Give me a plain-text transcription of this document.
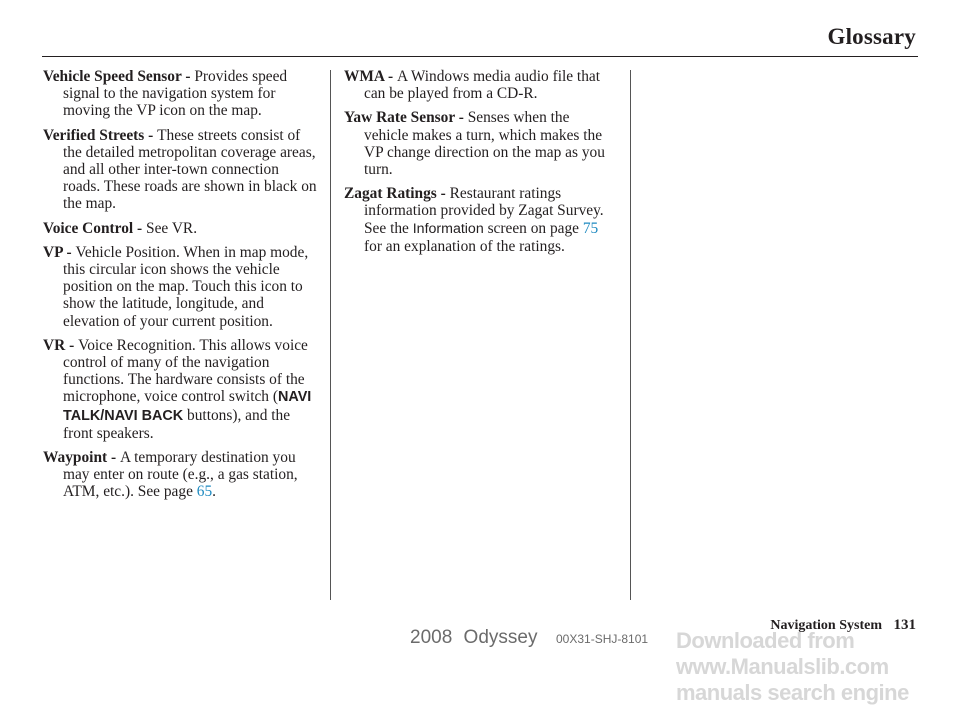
Glossary

Vehicle Speed Sensor - Provides speed signal to the navigation system for moving the VP icon on the map.

Verified Streets - These streets consist of the detailed metropolitan coverage areas, and all other inter-town connection roads. These roads are shown in black on the map.

Voice Control - See VR.

VP - Vehicle Position. When in map mode, this circular icon shows the vehicle position on the map. Touch this icon to show the latitude, longitude, and elevation of your current position.

VR - Voice Recognition. This allows voice control of many of the navigation functions. The hardware consists of the microphone, voice control switch (NAVI TALK/NAVI BACK buttons), and the front speakers.

Waypoint - A temporary destination you may enter on route (e.g., a gas station, ATM, etc.). See page 65.

WMA - A Windows media audio file that can be played from a CD-R.

Yaw Rate Sensor - Senses when the vehicle makes a turn, which makes the VP change direction on the map as you turn.

Zagat Ratings - Restaurant ratings information provided by Zagat Survey. See the Information screen on page 75 for an explanation of the ratings.

Navigation System 131
2008 Odyssey 00X31-SHJ-8101 Downloaded from www.Manualslib.com manuals search engine
